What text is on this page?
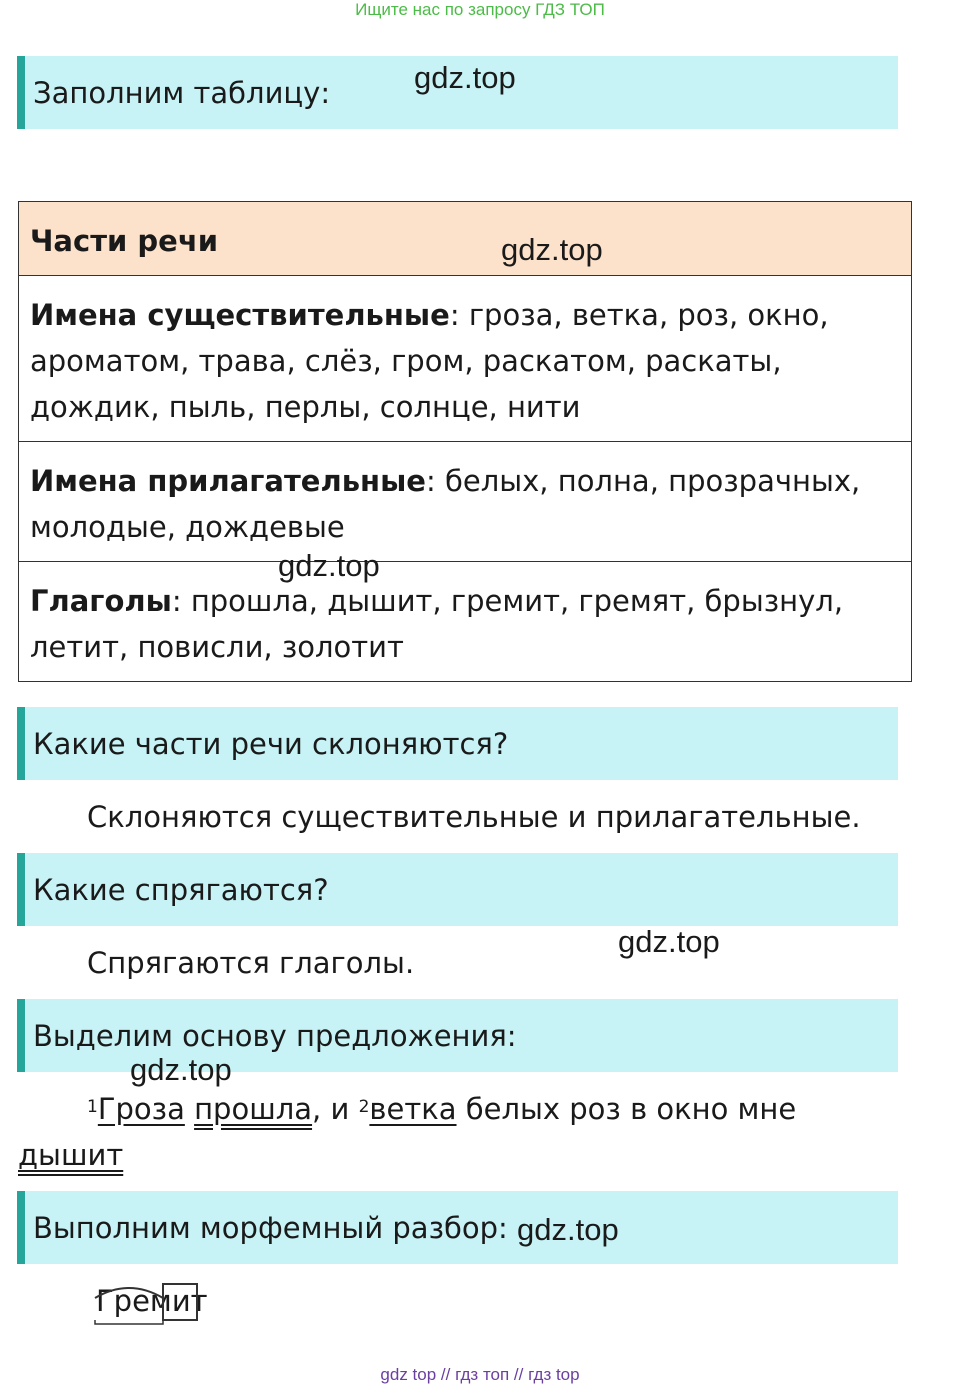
Ищите нас по запросу ГДЗ ТОП
Заполним таблицу:	gdz.top
Части речи
Имена существительные: гроза, ветка, роз, окно, ароматом, трава, слёз, гром, раскатом, раскаты, дождик, пыль, перлы, солнце, нити
Имена прилагательные: белых, полна, прозрачных, молодые, дождевые
Глаголы: прошла, дышит, гремит, гремят, брызнул, летит, повисли, золотит
gdz.top
gdz.top
Какие части речи склоняются?
Склоняются существительные и прилагательные.
Какие спрягаются?
Спрягаются глаголы.
gdz.top
Выделим основу предложения:
gdz.top
$^1$Гроза прошла, и $^2$ветка белых роз в окно мне дышит

Выполним морфемный разбор: gdz.top
Гремит
gdz top // гдз топ // гдз top
